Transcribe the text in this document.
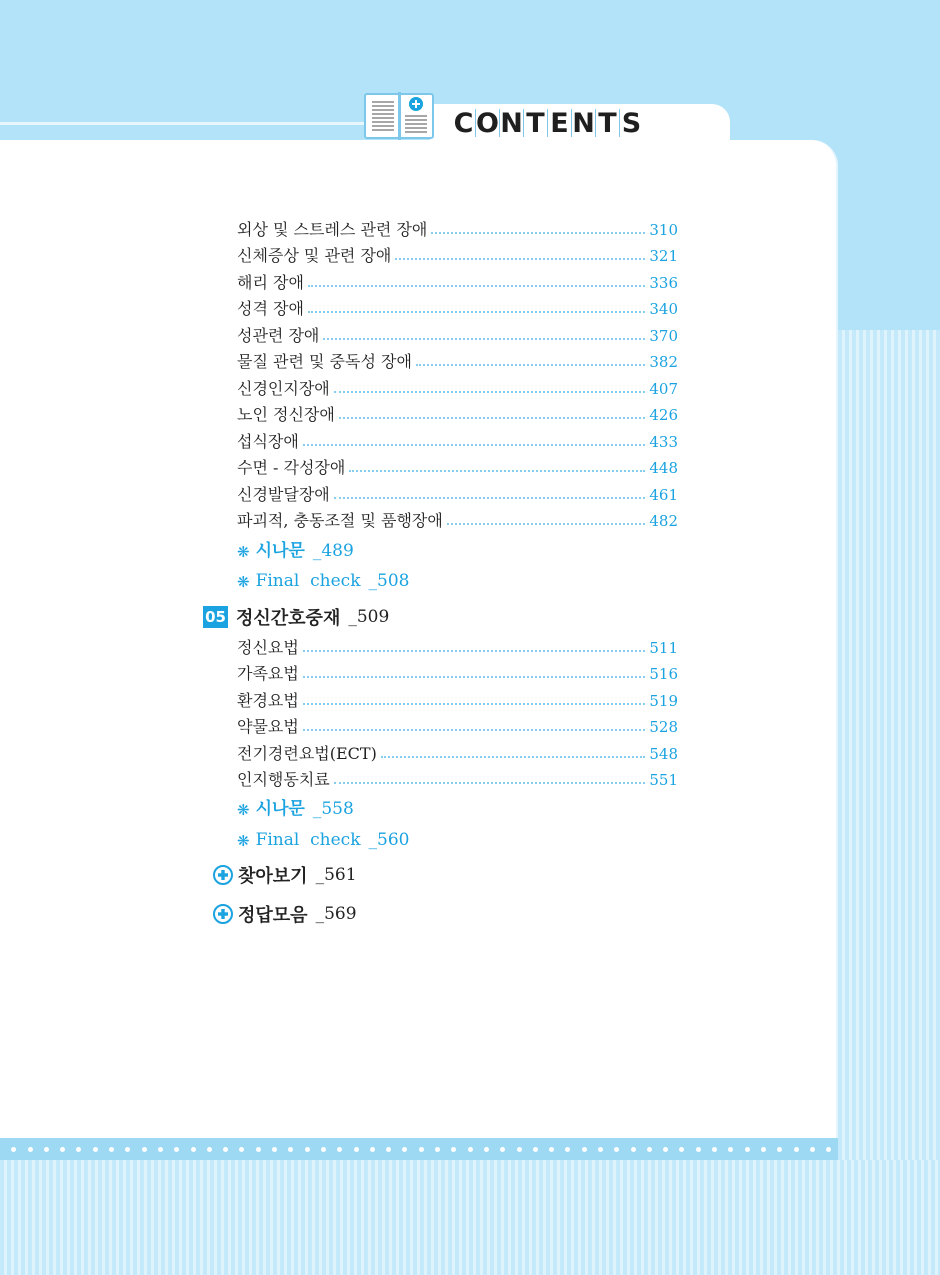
C O N T E N T S
외상 및 스트레스 관련 장애	310
신체증상 및 관련 장애	321
해리 장애	336
성격 장애	340
성관련 장애	370
물질 관련 및 중독성 장애	382
신경인지장애	407
노인 정신장애	426
섭식장애	433
수면 - 각성장애	448
신경발달장애	461
파괴적, 충동조절 및 품행장애	482
❋ 시나문 _489
❋ Final  check _508
05 정신간호중재 _509
정신요법	511
가족요법	516
환경요법	519
약물요법	528
전기경련요법(ECT)	548
인지행동치료	551
❋ 시나문 _558
❋ Final  check _560
찾아보기 _561
정답모음 _569
